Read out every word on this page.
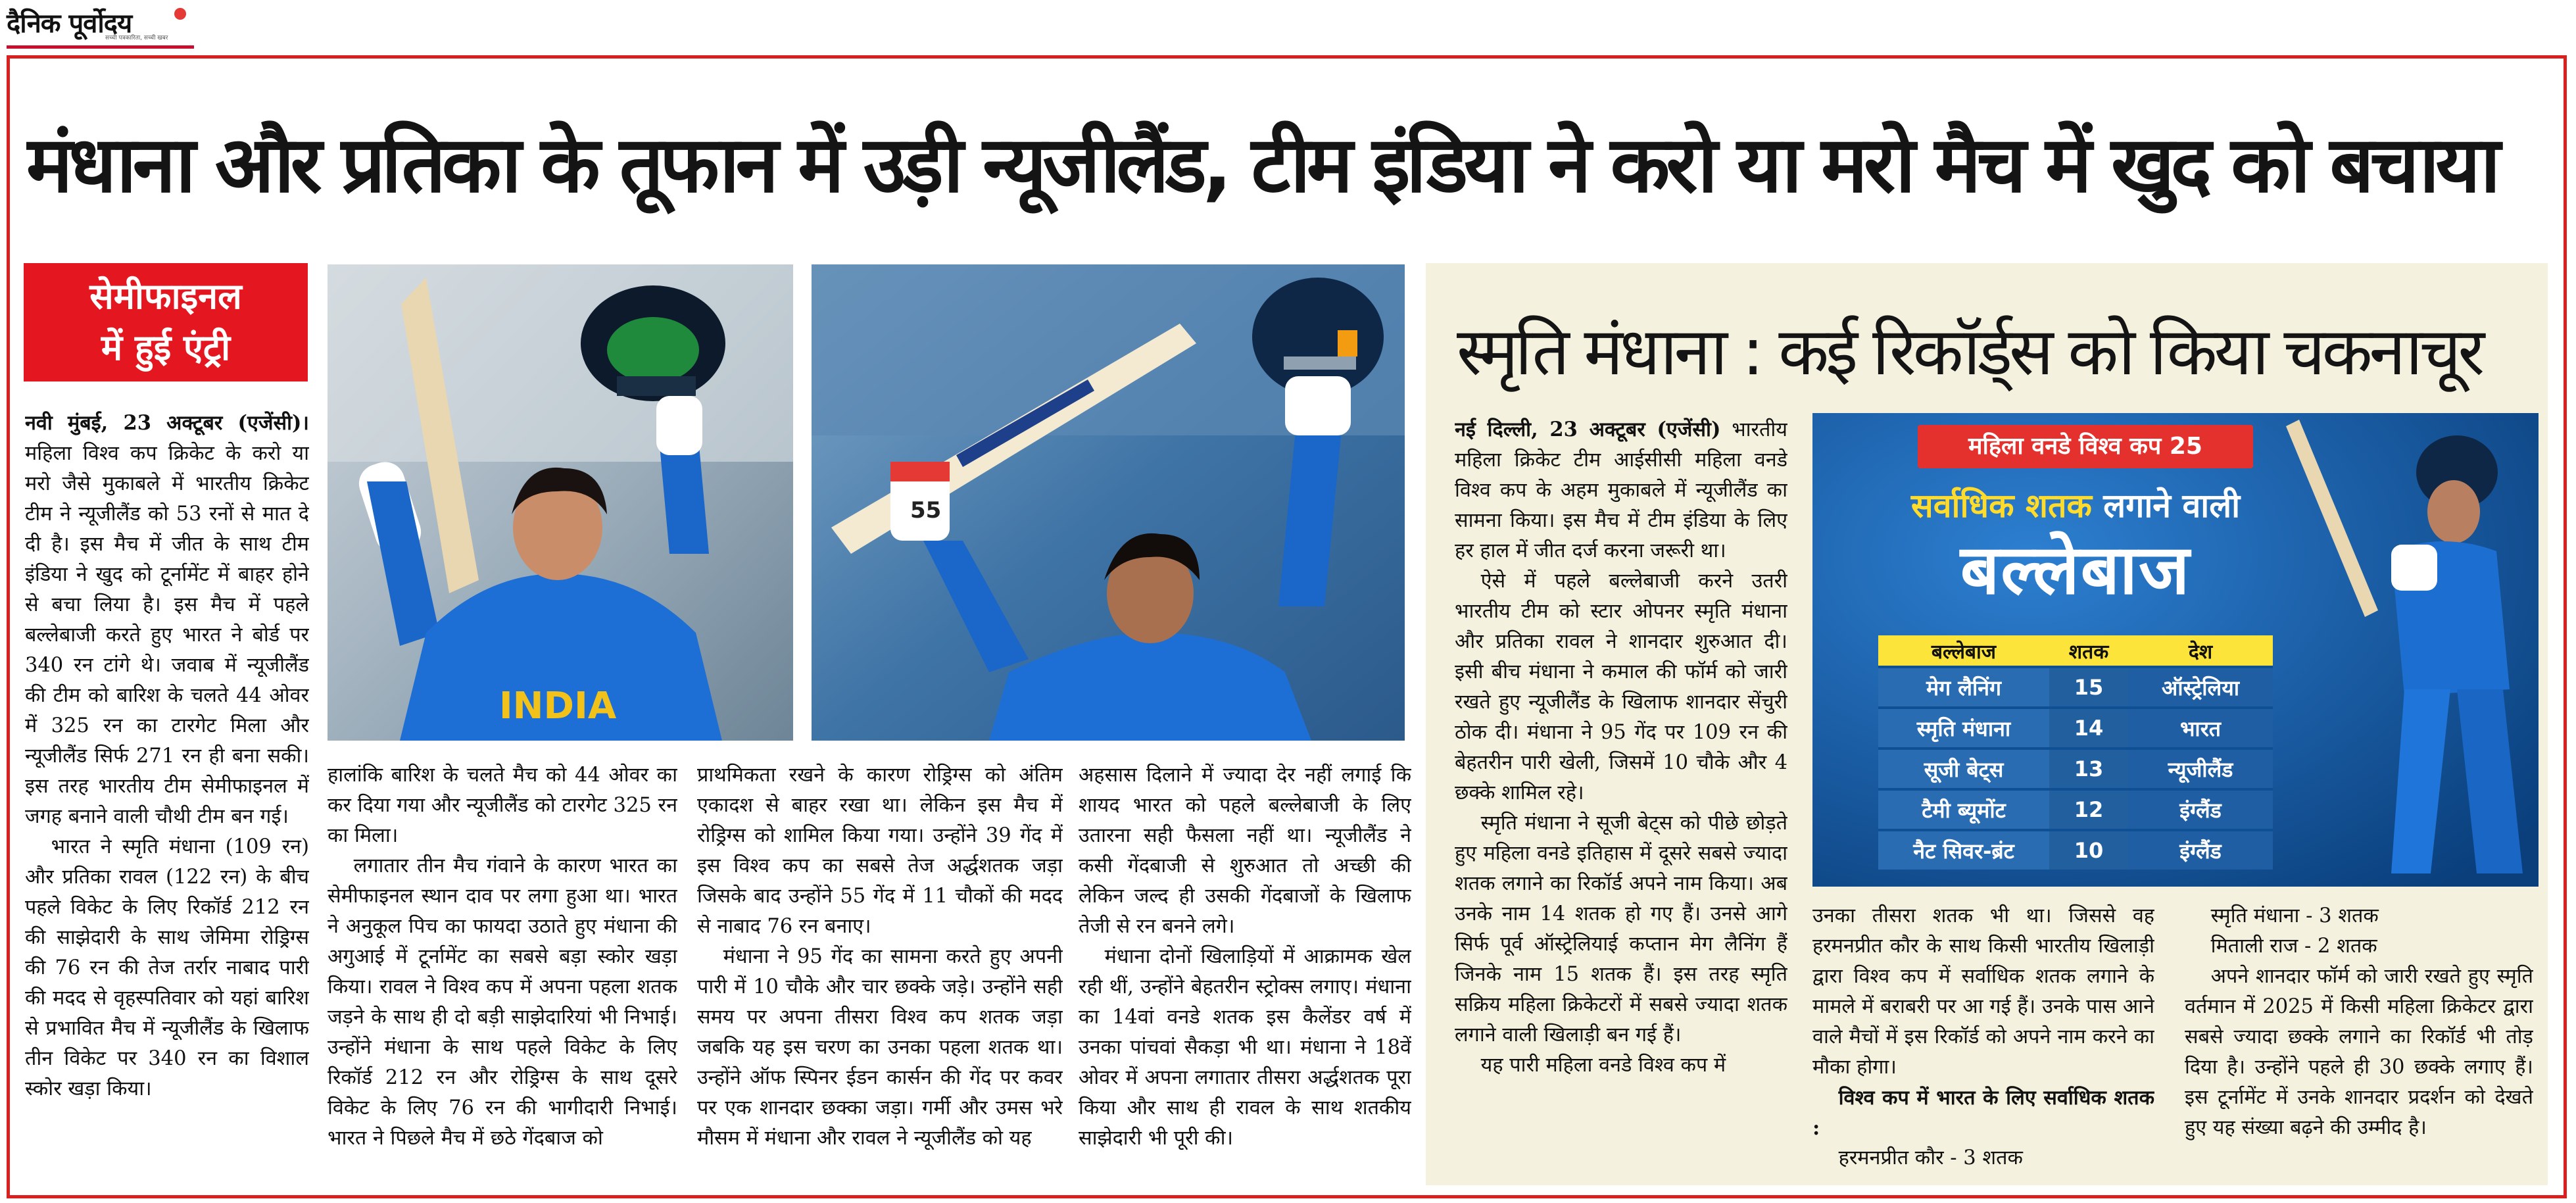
दैनिक पूर्वोदय
सच्ची पत्रकारिता, सच्ची खबर
मंधाना और प्रतिका के तूफान में उड़ी न्यूजीलैंड, टीम इंडिया ने करो या मरो मैच में खुद को बचाया
सेमीफाइनल
में हुई एंट्री

नवी मुंबई, 23 अक्टूबर (एजेंसी)। महिला विश्व कप क्रिकेट के करो या मरो जैसे मुकाबले में भारतीय क्रिकेट टीम ने न्यूजीलैंड को 53 रनों से मात दे दी है। इस मैच में जीत के साथ टीम इंडिया ने खुद को टूर्नामेंट में बाहर होने से बचा लिया है। इस मैच में पहले बल्लेबाजी करते हुए भारत ने बोर्ड पर 340 रन टांगे थे। जवाब में न्यूजीलैंड की टीम को बारिश के चलते 44 ओवर में 325 रन का टारगेट मिला और न्यूजीलैंड सिर्फ 271 रन ही बना सकी। इस तरह भारतीय टीम सेमीफाइनल में जगह बनाने वाली चौथी टीम बन गई।

भारत ने स्मृति मंधाना (109 रन) और प्रतिका रावल (122 रन) के बीच पहले विकेट के लिए रिकॉर्ड 212 रन की साझेदारी के साथ जेमिमा रोड्रिग्स की 76 रन की तेज तर्रार नाबाद पारी की मदद से वृहस्पतिवार को यहां बारिश से प्रभावित मैच में न्यूजीलैंड के खिलाफ तीन विकेट पर 340 रन का विशाल स्कोर खड़ा किया।

INDIA
55

हालांकि बारिश के चलते मैच को 44 ओवर का कर दिया गया और न्यूजीलैंड को टारगेट 325 रन का मिला।

लगातार तीन मैच गंवाने के कारण भारत का सेमीफाइनल स्थान दाव पर लगा हुआ था। भारत ने अनुकूल पिच का फायदा उठाते हुए मंधाना की अगुआई में टूर्नामेंट का सबसे बड़ा स्कोर खड़ा किया। रावल ने विश्व कप में अपना पहला शतक जड़ने के साथ ही दो बड़ी साझेदारियां भी निभाई। उन्होंने मंधाना के साथ पहले विकेट के लिए रिकॉर्ड 212 रन और रोड्रिग्स के साथ दूसरे विकेट के लिए 76 रन की भागीदारी निभाई। भारत ने पिछले मैच में छठे गेंदबाज को

प्राथमिकता रखने के कारण रोड्रिग्स को अंतिम एकादश से बाहर रखा था। लेकिन इस मैच में रोड्रिग्स को शामिल किया गया। उन्होंने 39 गेंद में इस विश्व कप का सबसे तेज अर्द्धशतक जड़ा जिसके बाद उन्होंने 55 गेंद में 11 चौकों की मदद से नाबाद 76 रन बनाए।

मंधाना ने 95 गेंद का सामना करते हुए अपनी पारी में 10 चौके और चार छक्के जड़े। उन्होंने सही समय पर अपना तीसरा विश्व कप शतक जड़ा जबकि यह इस चरण का उनका पहला शतक था। उन्होंने ऑफ स्पिनर ईडन कार्सन की गेंद पर कवर पर एक शानदार छक्का जड़ा। गर्मी और उमस भरे मौसम में मंधाना और रावल ने न्यूजीलैंड को यह

अहसास दिलाने में ज्यादा देर नहीं लगाई कि शायद भारत को पहले बल्लेबाजी के लिए उतारना सही फैसला नहीं था। न्यूजीलैंड ने कसी गेंदबाजी से शुरुआत तो अच्छी की लेकिन जल्द ही उसकी गेंदबाजों के खिलाफ तेजी से रन बनने लगे।

मंधाना दोनों खिलाड़ियों में आक्रामक खेल रही थीं, उन्होंने बेहतरीन स्ट्रोक्स लगाए। मंधाना का 14वां वनडे शतक इस कैलेंडर वर्ष में उनका पांचवां सैकड़ा भी था। मंधाना ने 18वें ओवर में अपना लगातार तीसरा अर्द्धशतक पूरा किया और साथ ही रावल के साथ शतकीय साझेदारी भी पूरी की।

स्मृति मंधाना : कई रिकॉर्ड्स को किया चकनाचूर

नई दिल्ली, 23 अक्टूबर (एजेंसी) भारतीय महिला क्रिकेट टीम आईसीसी महिला वनडे विश्व कप के अहम मुकाबले में न्यूजीलैंड का सामना किया। इस मैच में टीम इंडिया के लिए हर हाल में जीत दर्ज करना जरूरी था।

ऐसे में पहले बल्लेबाजी करने उतरी भारतीय टीम को स्टार ओपनर स्मृति मंधाना और प्रतिका रावल ने शानदार शुरुआत दी। इसी बीच मंधाना ने कमाल की फॉर्म को जारी रखते हुए न्यूजीलैंड के खिलाफ शानदार सेंचुरी ठोक दी। मंधाना ने 95 गेंद पर 109 रन की बेहतरीन पारी खेली, जिसमें 10 चौके और 4 छक्के शामिल रहे।

स्मृति मंधाना ने सूजी बेट्स को पीछे छोड़ते हुए महिला वनडे इतिहास में दूसरे सबसे ज्यादा शतक लगाने का रिकॉर्ड अपने नाम किया। अब उनके नाम 14 शतक हो गए हैं। उनसे आगे सिर्फ पूर्व ऑस्ट्रेलियाई कप्तान मेग लैनिंग हैं जिनके नाम 15 शतक हैं। इस तरह स्मृति सक्रिय महिला क्रिकेटरों में सबसे ज्यादा शतक लगाने वाली खिलाड़ी बन गई हैं।

यह पारी महिला वनडे विश्व कप में

महिला वनडे विश्व कप 25
सर्वाधिक शतक लगाने वाली
बल्लेबाज
बल्लेबाज	शतक	देश
मेग लैनिंग	15	ऑस्ट्रेलिया
स्मृति मंधाना	14	भारत
सूजी बेट्स	13	न्यूजीलैंड
टैमी ब्यूमोंट	12	इंग्लैंड
नैट सिवर-ब्रंट	10	इंग्लैंड

उनका तीसरा शतक भी था। जिससे वह हरमनप्रीत कौर के साथ किसी भारतीय खिलाड़ी द्वारा विश्व कप में सर्वाधिक शतक लगाने के मामले में बराबरी पर आ गई हैं। उनके पास आने वाले मैचों में इस रिकॉर्ड को अपने नाम करने का मौका होगा।

विश्व कप में भारत के लिए सर्वाधिक शतक :

हरमनप्रीत कौर - 3 शतक

स्मृति मंधाना - 3 शतक

मिताली राज - 2 शतक

अपने शानदार फॉर्म को जारी रखते हुए स्मृति वर्तमान में 2025 में किसी महिला क्रिकेटर द्वारा सबसे ज्यादा छक्के लगाने का रिकॉर्ड भी तोड़ दिया है। उन्होंने पहले ही 30 छक्के लगाए हैं। इस टूर्नामेंट में उनके शानदार प्रदर्शन को देखते हुए यह संख्या बढ़ने की उम्मीद है।
